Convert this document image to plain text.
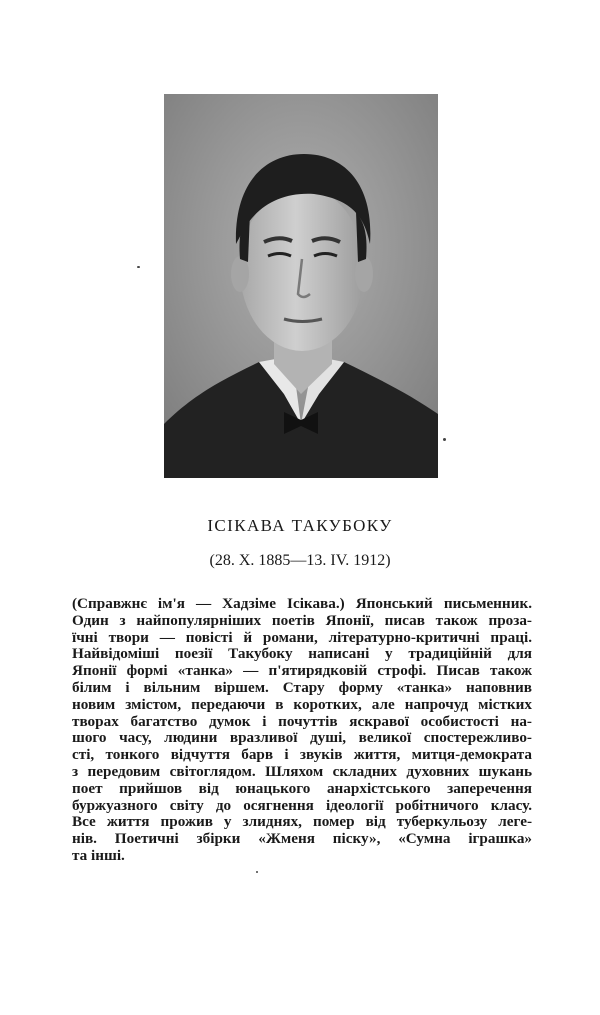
ІСІКАВА ТАКУБОКУ
(28. X. 1885—13. IV. 1912)
(Справжнє ім'я — Хадзіме Ісікава.) Японський письменник.
Один з найпопулярніших поетів Японії, писав також проза-
їчні твори — повісті й романи, літературно-критичні праці.
Найвідоміші поезії Такубоку написані у традиційній для
Японії формі «танка» — п'ятирядковій строфі. Писав також
білим і вільним віршем. Стару форму «танка» наповнив
новим змістом, передаючи в коротких, але напрочуд містких
творах багатство думок і почуттів яскравої особистості на-
шого часу, людини вразливої душі, великої спостережливо-
сті, тонкого відчуття барв і звуків життя, митця-демократа
з передовим світоглядом. Шляхом складних духовних шукань
поет прийшов від юнацького анархістського заперечення
буржуазного світу до осягнення ідеології робітничого класу.
Все життя прожив у злиднях, помер від туберкульозу леге-
нів. Поетичні збірки «Жменя піску», «Сумна іграшка»
та інші.
